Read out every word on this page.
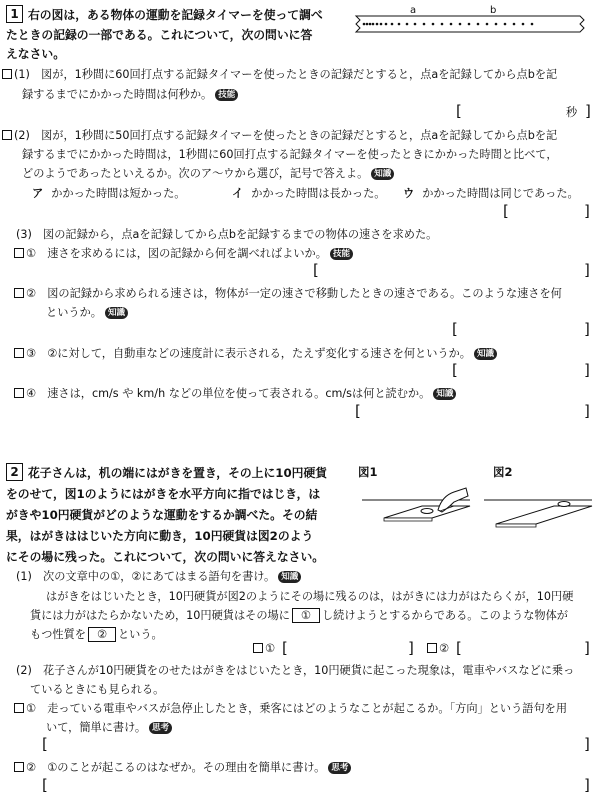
1 右の図は，ある物体の運動を記録タイマーを使って調べ
たときの記録の一部である。これについて，次の問いに答
えなさい。
a	b
(1)　 図が，1秒間に60回打点する記録タイマーを使ったときの記録だとすると，点aを記録してから点bを記
録するまでにかかった時間は何秒か。 技能
[	秒 ]
(2)　 図が，1秒間に50回打点する記録タイマーを使ったときの記録だとすると，点aを記録してから点bを記
録するまでにかかった時間は，1秒間に60回打点する記録タイマーを使ったときにかかった時間と比べて，
どのようであったといえるか。次のア～ウから選び，記号で答えよ。 知識
ア かかった時間は短かった。	イ かかった時間は長かった。 ウ かかった時間は同じであった。
[	]
(3)　図の記録から，点aを記録してから点bを記録するまでの物体の速さを求めた。
①　 速さを求めるには，図の記録から何を調べればよいか。 技能
[	]
②　 図の記録から求められる速さは，物体が一定の速さで移動したときの速さである。このような速さを何
というか。 知識
[	]
③　 ②に対して，自動車などの速度計に表示される，たえず変化する速さを何というか。 知識
[	]
④　 速さは，cm/s や km/h などの単位を使って表される。cm/sは何と読むか。 知識
[	]
2 花子さんは，机の端にはがきを置き，その上に10円硬貨
をのせて，図1のようにはがきを水平方向に指ではじき，は
がきや10円硬貨がどのような運動をするか調べた。その結
果，はがきははじいた方向に動き，10円硬貨は図2のよう
にその場に残った。これについて，次の問いに答えなさい。
図1	図2
(1)　次の文章中の①，②にあてはまる語句を書け。 知識
はがきをはじいたとき，10円硬貨が図2のようにその場に残るのは，はがきには力がはたらくが，10円硬
貨には力がはたらかないため，10円硬貨はその場に ① し続けようとするからである。このような物体が
もつ性質を ② という。
① [	]	② [	]
(2)　花子さんが10円硬貨をのせたはがきをはじいたとき，10円硬貨に起こった現象は，電車やバスなどに乗っ
ているときにも見られる。
①　 走っている電車やバスが急停止したとき，乗客にはどのようなことが起こるか。「方向」という語句を用
いて，簡単に書け。 思考
[	]
②　 ①のことが起こるのはなぜか。その理由を簡単に書け。 思考
[	]
